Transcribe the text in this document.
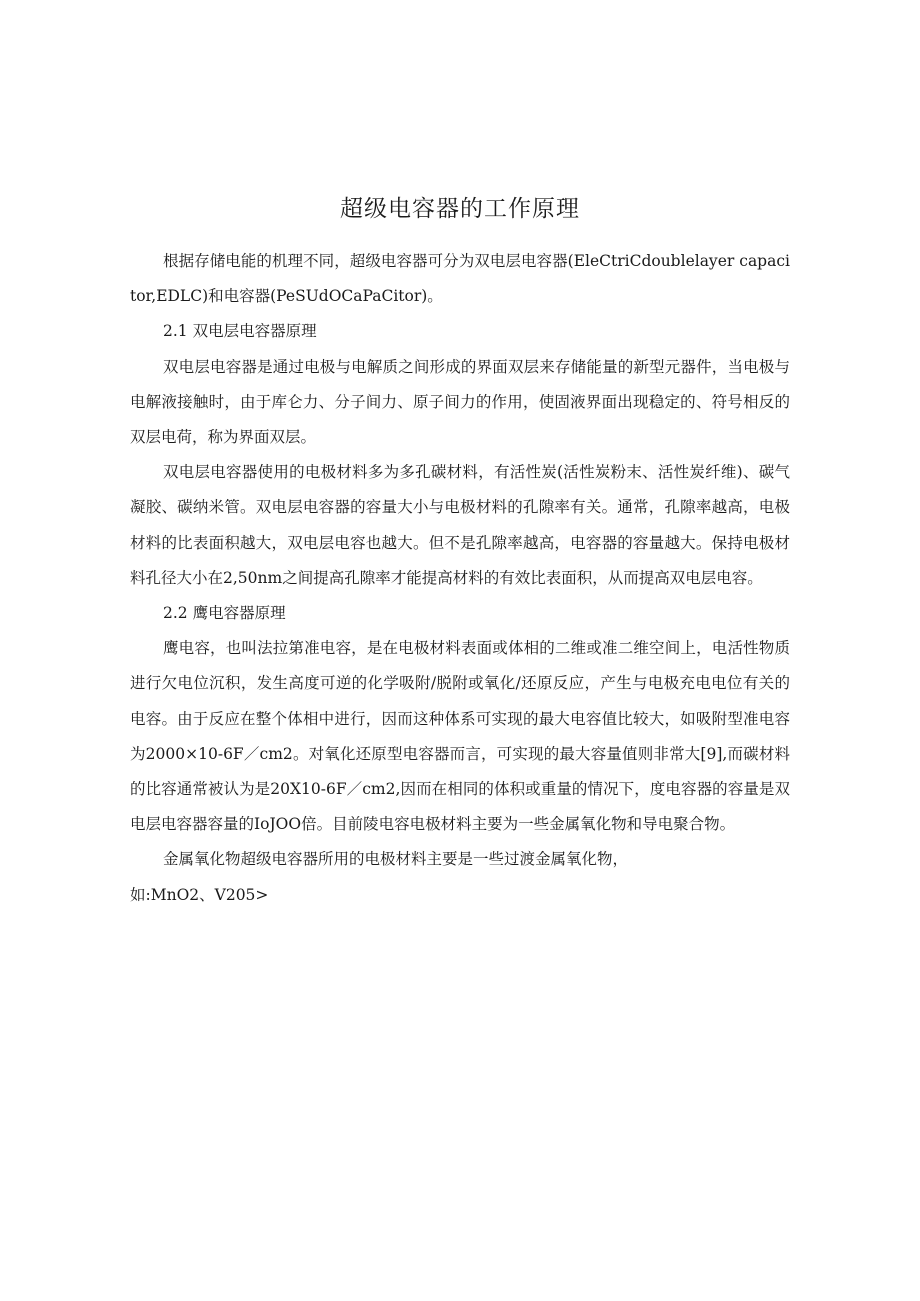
超级电容器的工作原理

根据存储电能的机理不同，超级电容器可分为双电层电容器(EleCtriCdoublelayer capacitor,EDLC)和电容器(PeSUdOCaPaCitor)。

2.1 双电层电容器原理

双电层电容器是通过电极与电解质之间形成的界面双层来存储能量的新型元器件，当电极与电解液接触时，由于库仑力、分子间力、原子间力的作用，使固液界面出现稳定的、符号相反的双层电荷，称为界面双层。

双电层电容器使用的电极材料多为多孔碳材料，有活性炭(活性炭粉末、活性炭纤维)、碳气凝胶、碳纳米管。双电层电容器的容量大小与电极材料的孔隙率有关。通常，孔隙率越高，电极材料的比表面积越大，双电层电容也越大。但不是孔隙率越高，电容器的容量越大。保持电极材料孔径大小在2,50nm之间提高孔隙率才能提高材料的有效比表面积，从而提高双电层电容。

2.2 鹰电容器原理

鹰电容，也叫法拉第准电容，是在电极材料表面或体相的二维或准二维空间上，电活性物质进行欠电位沉积，发生高度可逆的化学吸附/脱附或氧化/还原反应，产生与电极充电电位有关的电容。由于反应在整个体相中进行，因而这种体系可实现的最大电容值比较大，如吸附型准电容为2000×10-6F／cm2。对氧化还原型电容器而言，可实现的最大容量值则非常大[9],而碳材料的比容通常被认为是20X10-6F／cm2,因而在相同的体积或重量的情况下，度电容器的容量是双电层电容器容量的IoJOO倍。目前陵电容电极材料主要为一些金属氧化物和导电聚合物。

金属氧化物超级电容器所用的电极材料主要是一些过渡金属氧化物，

如:MnO2、V205>
